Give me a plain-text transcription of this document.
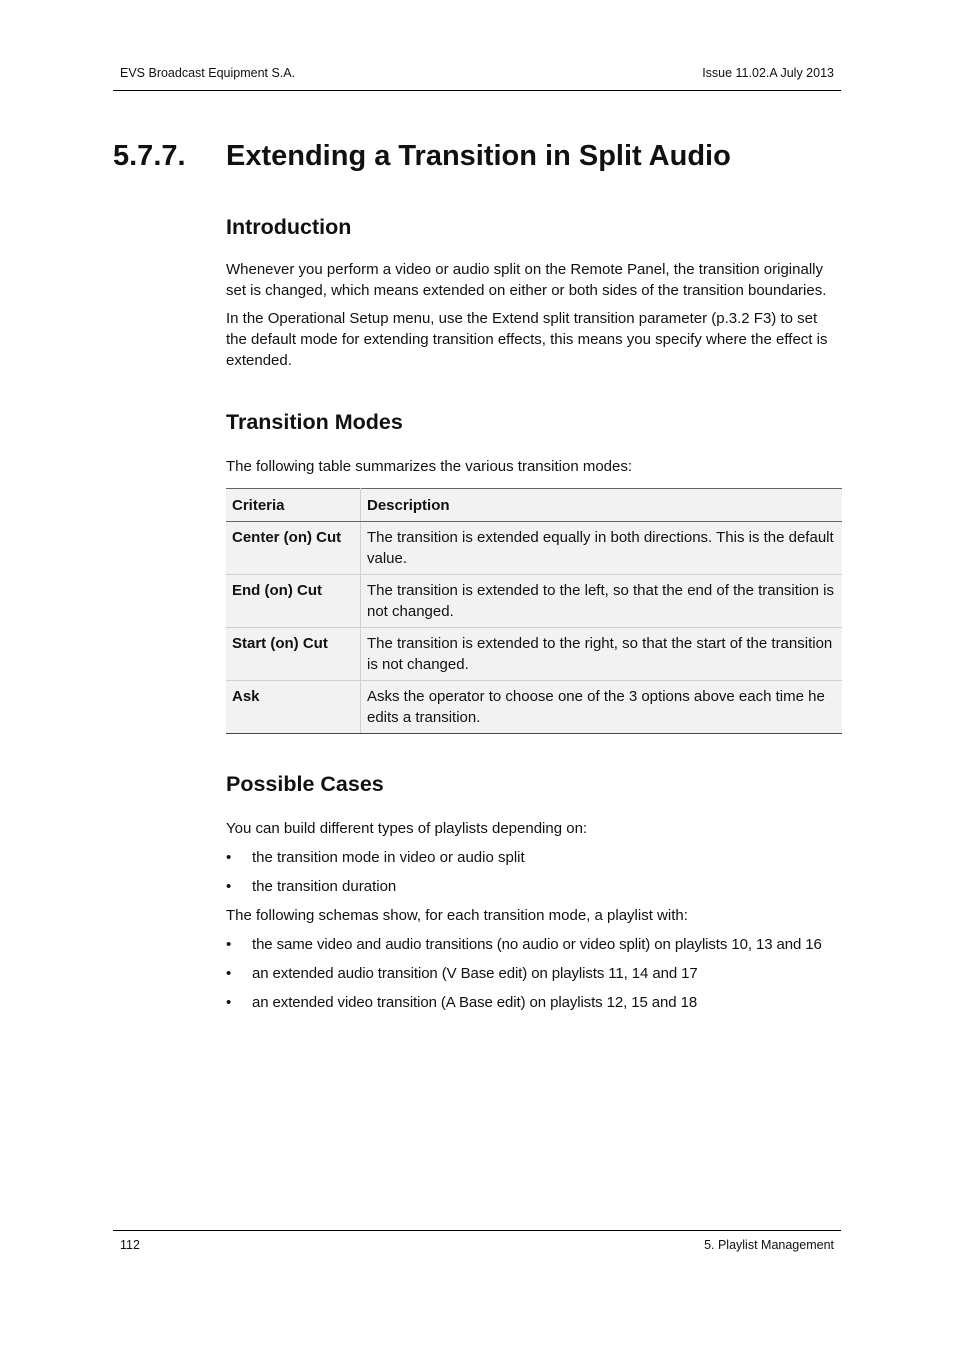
EVS Broadcast Equipment S.A.	Issue 11.02.A July 2013
5.7.7. Extending a Transition in Split Audio
Introduction

Whenever you perform a video or audio split on the Remote Panel, the transition originally set is changed, which means extended on either or both sides of the transition boundaries.

In the Operational Setup menu, use the Extend split transition parameter (p.3.2 F3) to set the default mode for extending transition effects, this means you specify where the effect is extended.

Transition Modes

The following table summarizes the various transition modes:

Criteria	Description
Center (on) Cut	The transition is extended equally in both directions. This is the default value.
End (on) Cut	The transition is extended to the left, so that the end of the transition is not changed.
Start (on) Cut	The transition is extended to the right, so that the start of the transition is not changed.
Ask	Asks the operator to choose one of the 3 options above each time he edits a transition.
Possible Cases

You can build different types of playlists depending on:

• the transition mode in video or audio split
• the transition duration

The following schemas show, for each transition mode, a playlist with:

• the same video and audio transitions (no audio or video split) on playlists 10, 13 and 16
• an extended audio transition (V Base edit) on playlists 11, 14 and 17
• an extended video transition (A Base edit) on playlists 12, 15 and 18
112	5. Playlist Management
